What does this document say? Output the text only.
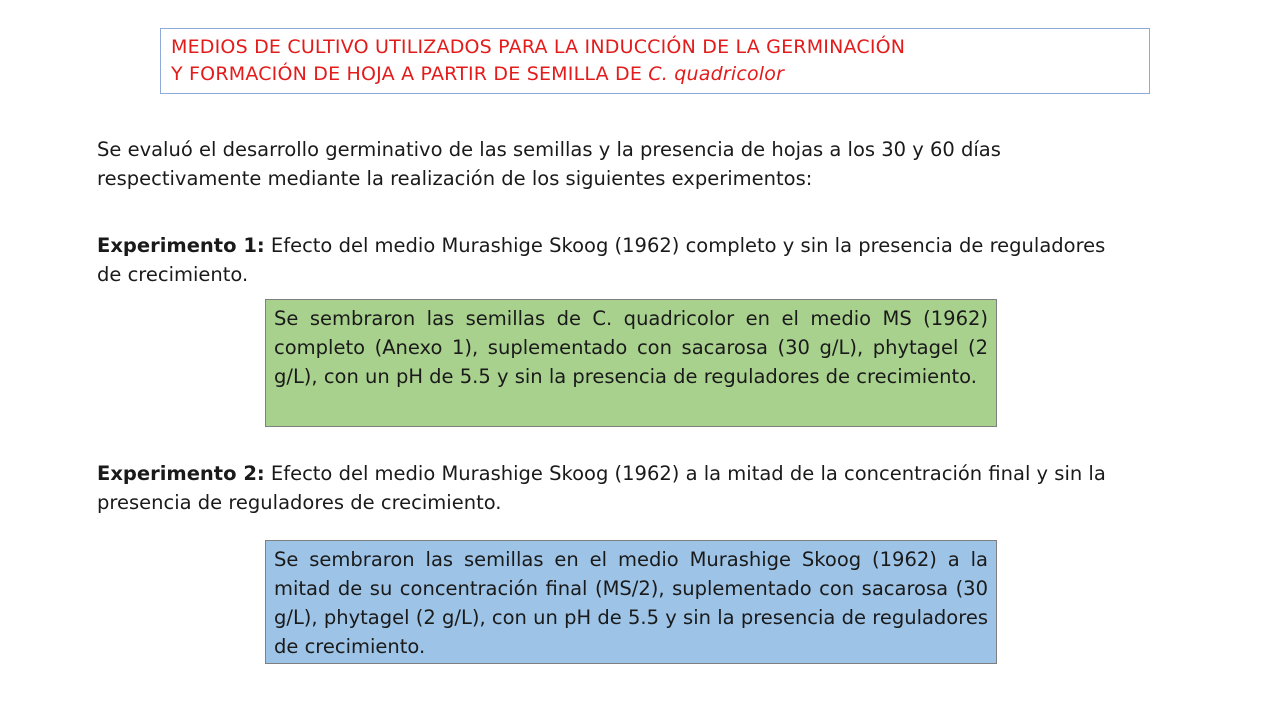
MEDIOS DE CULTIVO UTILIZADOS PARA LA INDUCCIÓN DE LA GERMINACIÓN
Y FORMACIÓN DE HOJA A PARTIR DE SEMILLA DE C. quadricolor
Se evaluó el desarrollo germinativo de las semillas y la presencia de hojas a los 30 y 60 días respectivamente mediante la realización de los siguientes experimentos:
Experimento 1: Efecto del medio Murashige Skoog (1962) completo y sin la presencia de reguladores de crecimiento.
Se sembraron las semillas de C. quadricolor en el medio MS (1962) completo (Anexo 1), suplementado con sacarosa (30 g/L), phytagel (2 g/L), con un pH de 5.5 y sin la presencia de reguladores de crecimiento.
Experimento 2: Efecto del medio Murashige Skoog (1962) a la mitad de la concentración final y sin la presencia de reguladores de crecimiento.
Se sembraron las semillas en el medio Murashige Skoog (1962) a la mitad de su concentración final (MS/2), suplementado con sacarosa (30 g/L), phytagel (2 g/L), con un pH de 5.5 y sin la presencia de reguladores de crecimiento.
